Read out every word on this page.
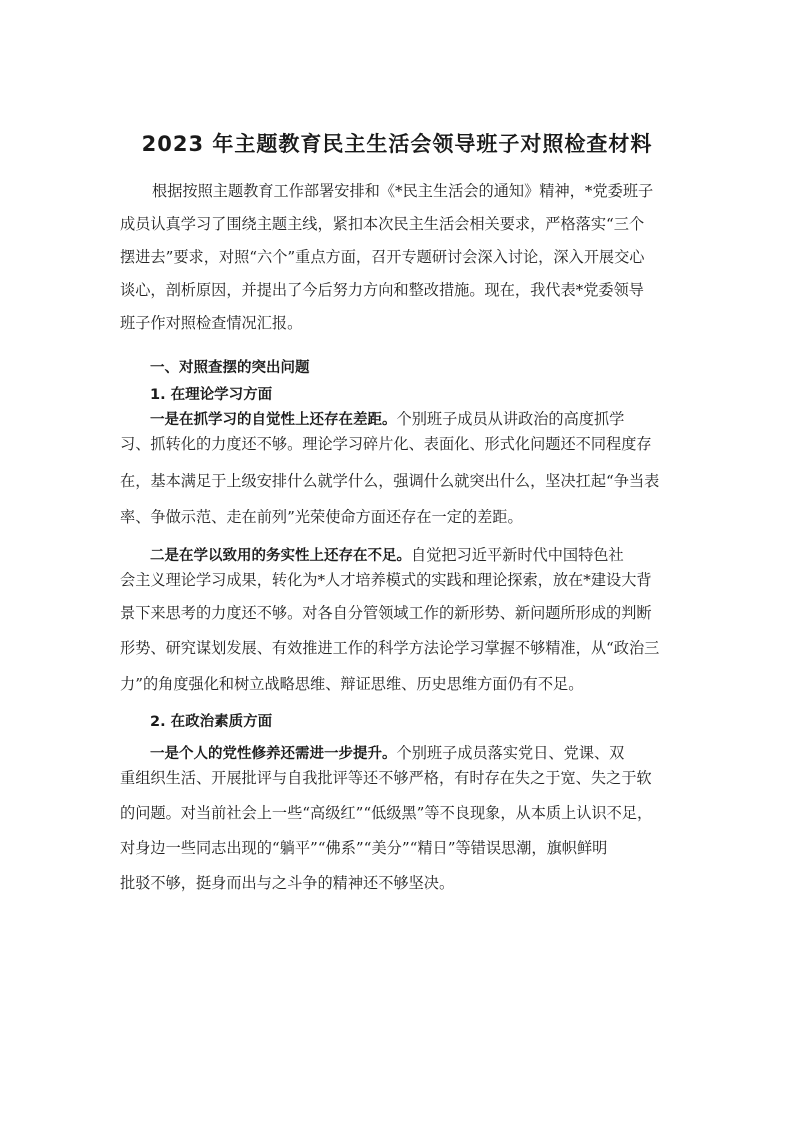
2023 年主题教育民主生活会领导班子对照检查材料
根据按照主题教育工作部署安排和《*民主生活会的通知》精神，*党委班子
成员认真学习了围绕主题主线，紧扣本次民主生活会相关要求，严格落实“三个
摆进去”要求，对照“六个”重点方面，召开专题研讨会深入讨论，深入开展交心
谈心，剖析原因，并提出了今后努力方向和整改措施。现在，我代表*党委领导
班子作对照检查情况汇报。
一、对照查摆的突出问题
1. 在理论学习方面
一是在抓学习的自觉性上还存在差距。个别班子成员从讲政治的高度抓学
习、抓转化的力度还不够。理论学习碎片化、表面化、形式化问题还不同程度存
在，基本满足于上级安排什么就学什么，强调什么就突出什么，坚决扛起“争当表
率、争做示范、走在前列”光荣使命方面还存在一定的差距。
二是在学以致用的务实性上还存在不足。自觉把习近平新时代中国特色社
会主义理论学习成果，转化为*人才培养模式的实践和理论探索，放在*建设大背
景下来思考的力度还不够。对各自分管领域工作的新形势、新问题所形成的判断
形势、研究谋划发展、有效推进工作的科学方法论学习掌握不够精准，从“政治三
力”的角度强化和树立战略思维、辩证思维、历史思维方面仍有不足。
2. 在政治素质方面
一是个人的党性修养还需进一步提升。个别班子成员落实党日、党课、双
重组织生活、开展批评与自我批评等还不够严格，有时存在失之于宽、失之于软
的问题。对当前社会上一些“高级红”“低级黑”等不良现象，从本质上认识不足，
对身边一些同志出现的“躺平”“佛系”“美分”“精日”等错误思潮，旗帜鲜明
批驳不够，挺身而出与之斗争的精神还不够坚决。
